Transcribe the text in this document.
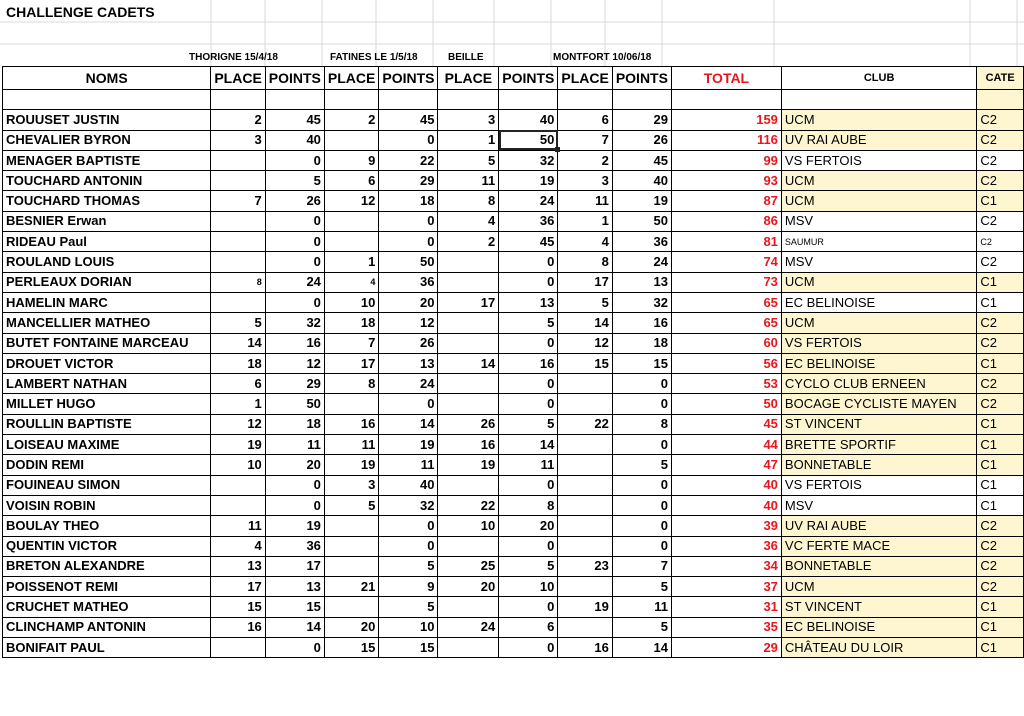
CHALLENGE CADETS
THORIGNE 15/4/18	FATINES LE 1/5/18	BEILLE	MONTFORT 10/06/18
NOMS	PLACE	POINTS	PLACE	POINTS	PLACE	POINTS	PLACE	POINTS	TOTAL	CLUB	CATE

ROUUSET JUSTIN	2	45	2	45	3	40	6	29	159	UCM	C2
CHEVALIER BYRON	3	40		0	1	50	7	26	116	UV RAI AUBE	C2
MENAGER BAPTISTE		0	9	22	5	32	2	45	99	VS FERTOIS	C2
TOUCHARD ANTONIN		5	6	29	11	19	3	40	93	UCM	C2
TOUCHARD THOMAS	7	26	12	18	8	24	11	19	87	UCM	C1
BESNIER Erwan		0		0	4	36	1	50	86	MSV	C2
RIDEAU Paul		0		0	2	45	4	36	81	SAUMUR	C2
ROULAND LOUIS		0	1	50		0	8	24	74	MSV	C2
PERLEAUX DORIAN	8	24	4	36		0	17	13	73	UCM	C1
HAMELIN MARC		0	10	20	17	13	5	32	65	EC BELINOISE	C1
MANCELLIER MATHEO	5	32	18	12		5	14	16	65	UCM	C2
BUTET FONTAINE MARCEAU	14	16	7	26		0	12	18	60	VS FERTOIS	C2
DROUET VICTOR	18	12	17	13	14	16	15	15	56	EC BELINOISE	C1
LAMBERT NATHAN	6	29	8	24		0		0	53	CYCLO CLUB ERNEEN	C2
MILLET HUGO	1	50		0		0		0	50	BOCAGE CYCLISTE MAYEN	C2
ROULLIN BAPTISTE	12	18	16	14	26	5	22	8	45	ST VINCENT	C1
LOISEAU MAXIME	19	11	11	19	16	14		0	44	BRETTE SPORTIF	C1
DODIN REMI	10	20	19	11	19	11		5	47	BONNETABLE	C1
FOUINEAU SIMON		0	3	40		0		0	40	VS FERTOIS	C1
VOISIN ROBIN		0	5	32	22	8		0	40	MSV	C1
BOULAY THEO	11	19		0	10	20		0	39	UV RAI AUBE	C2
QUENTIN VICTOR	4	36		0		0		0	36	VC FERTE MACE	C2
BRETON ALEXANDRE	13	17		5	25	5	23	7	34	BONNETABLE	C2
POISSENOT REMI	17	13	21	9	20	10		5	37	UCM	C2
CRUCHET MATHEO	15	15		5		0	19	11	31	ST VINCENT	C1
CLINCHAMP ANTONIN	16	14	20	10	24	6		5	35	EC BELINOISE	C1
BONIFAIT PAUL		0	15	15		0	16	14	29	CHÂTEAU DU LOIR	C1
